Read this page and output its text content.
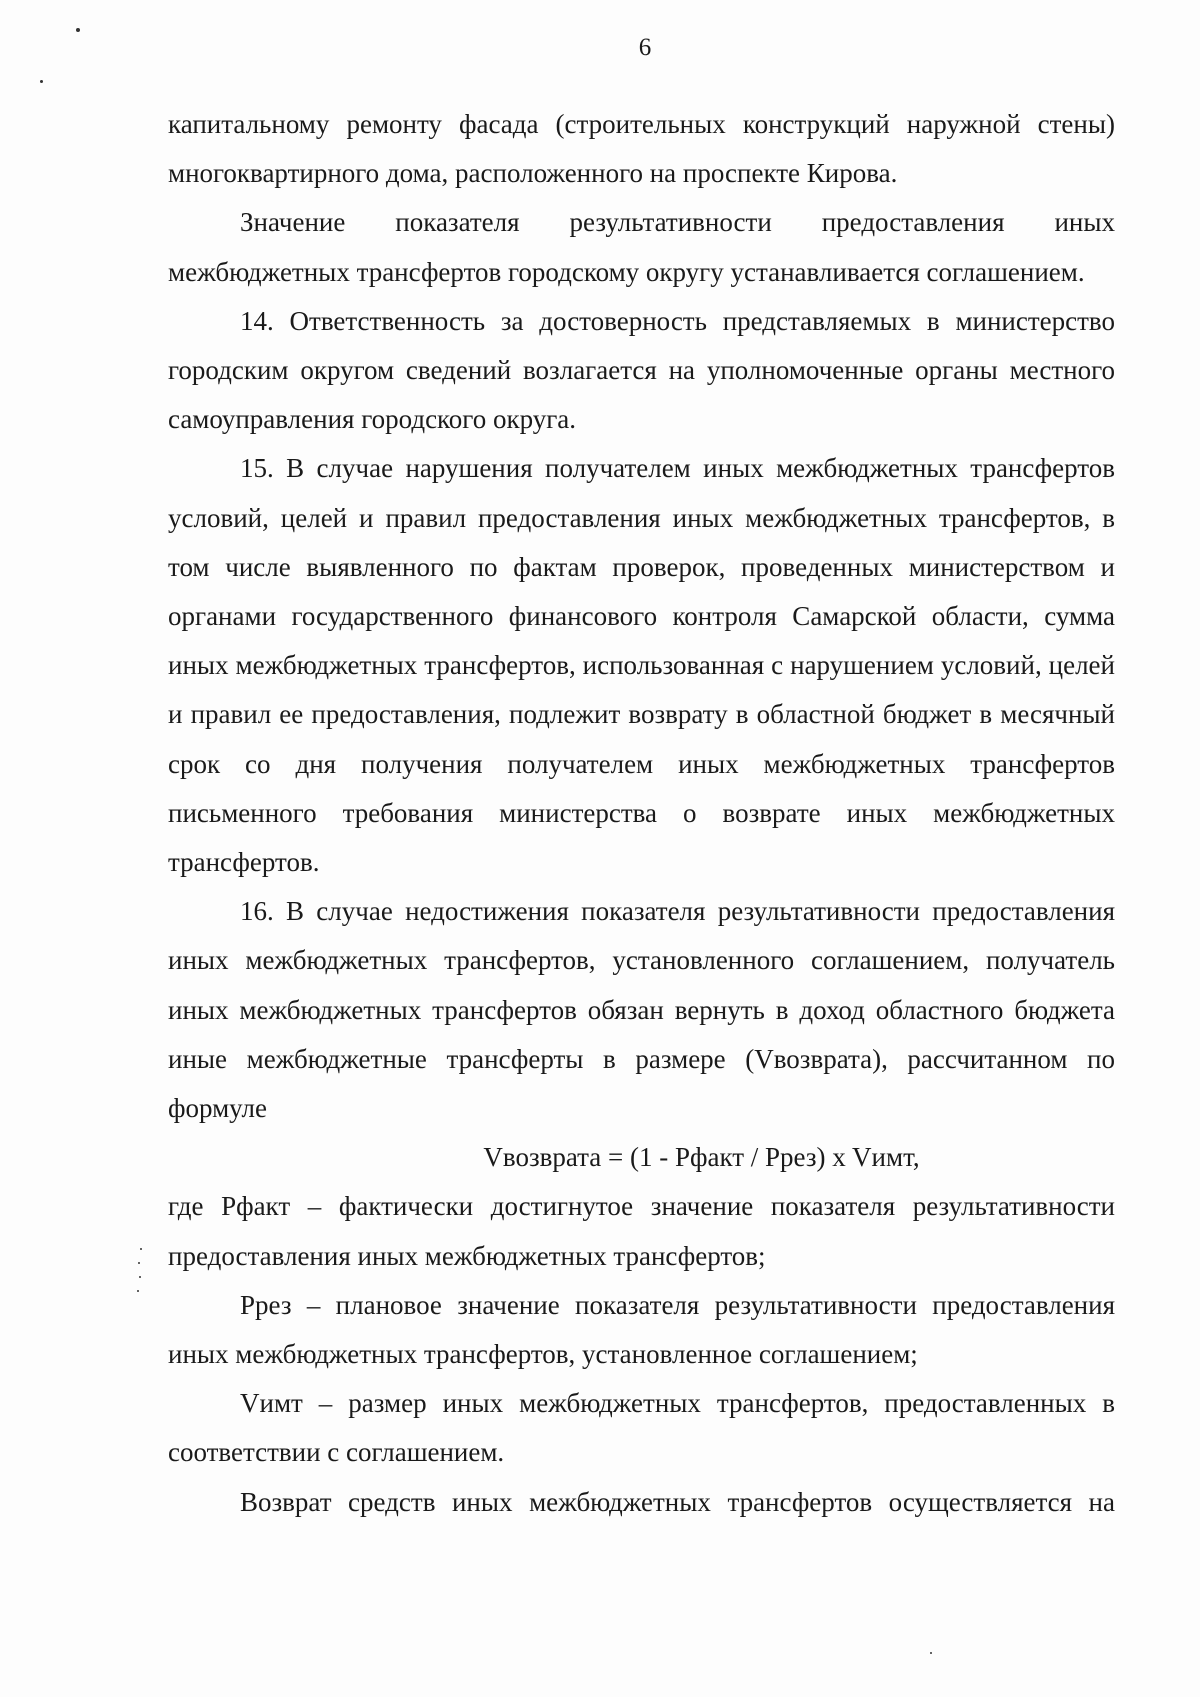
6

капитальному ремонту фасада (строительных конструкций наружной стены) многоквартирного дома, расположенного на проспекте Кирова.

Значение показателя результативности предоставления иных межбюджетных трансфертов городскому округу устанавливается соглашением.

14. Ответственность за достоверность представляемых в министерство городским округом сведений возлагается на уполномоченные органы местного самоуправления городского округа.

15. В случае нарушения получателем иных межбюджетных трансфертов условий, целей и правил предоставления иных межбюджетных трансфертов, в том числе выявленного по фактам проверок, проведенных министерством и органами государственного финансового контроля Самарской области, сумма иных межбюджетных трансфертов, использованная с нарушением условий, целей и правил ее предоставления, подлежит возврату в областной бюджет в месячный срок со дня получения получателем иных межбюджетных трансфертов письменного требования министерства о возврате иных межбюджетных трансфертов.

16. В случае недостижения показателя результативности предоставления иных межбюджетных трансфертов, установленного соглашением, получатель иных межбюджетных трансфертов обязан вернуть в доход областного бюджета иные межбюджетные трансферты в размере (Vвозврата), рассчитанном по формуле

Vвозврата = (1 - Рфакт / Ррез) x Vимт,

где Рфакт – фактически достигнутое значение показателя результативности предоставления иных межбюджетных трансфертов;

Ррез – плановое значение показателя результативности предоставления иных межбюджетных трансфертов, установленное соглашением;

Vимт – размер иных межбюджетных трансфертов, предоставленных в соответствии с соглашением.

Возврат средств иных межбюджетных трансфертов осуществляется на
